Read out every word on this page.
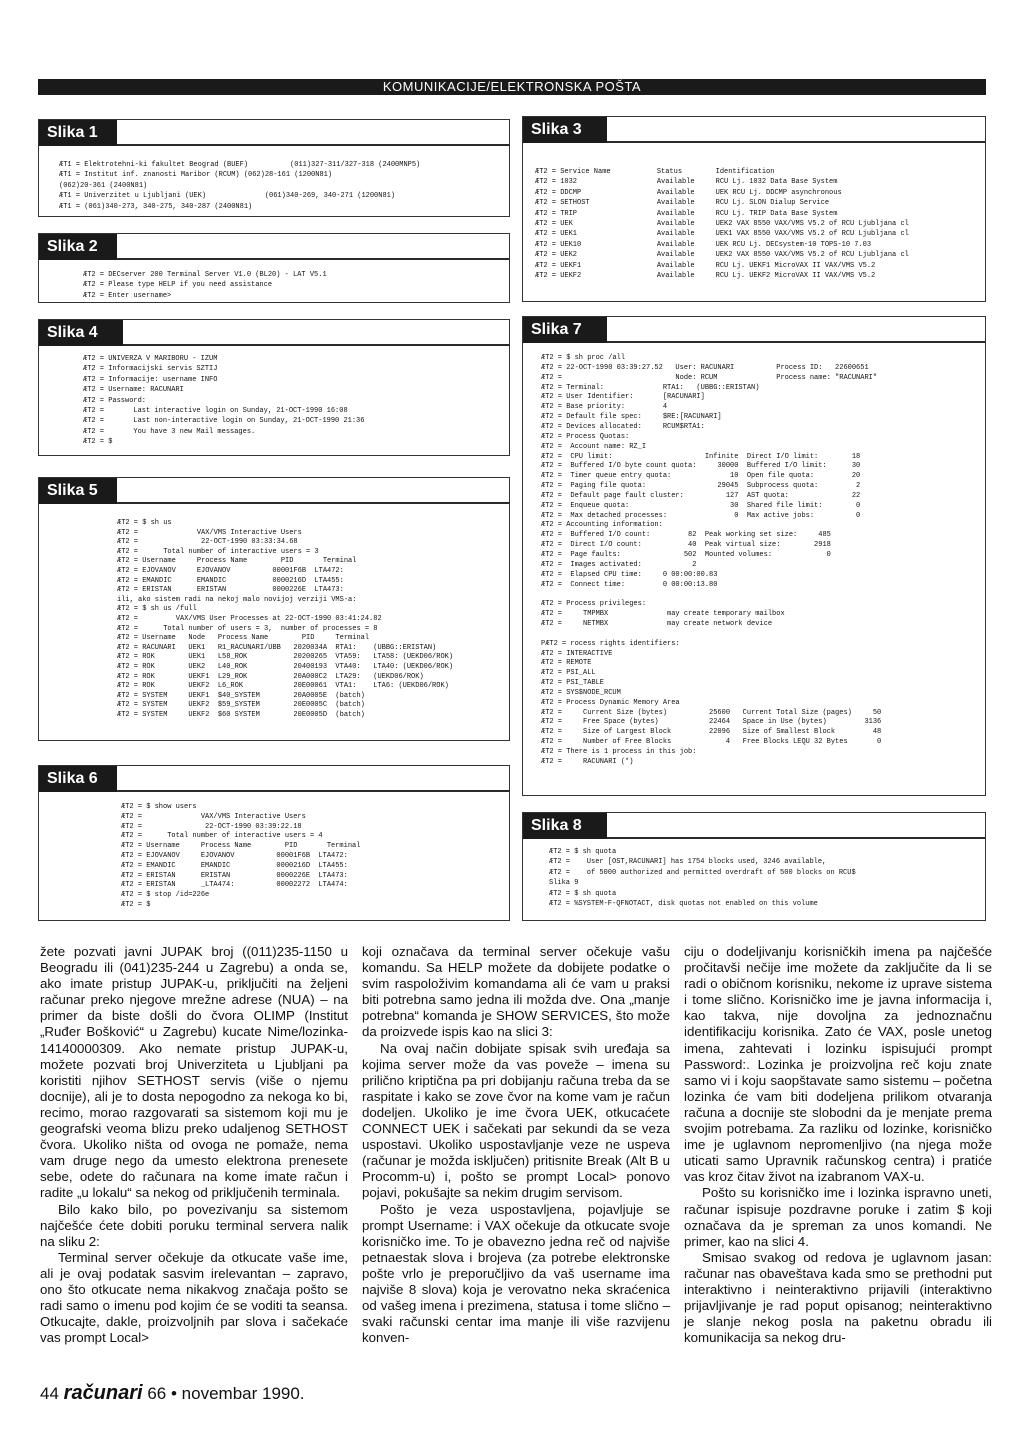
KOMUNIKACIJE/ELEKTRONSKA POŠTA
Slika 1
ÆT1 = Elektrotehni-ki fakultet Beograd (BUEF)          (011)327-311/327-318 (2400MNP5)
ÆT1 = Institut inf. znanosti Maribor (RCUM) (062)28-161 (1200N81)
(062)20-361 (2400N81)
ÆT1 = Univerzitet u Ljubljani (UEK)              (061)340-269, 340-271 (1200N81)
ÆT1 = (061)340-273, 340-275, 340-287 (2400N81)
Slika 2
ÆT2 = DECserver 200 Terminal Server V1.0 (BL20) - LAT V5.1
ÆT2 = Please type HELP if you need assistance
ÆT2 = Enter username>
Slika 3
ÆT2 = Service Name           Status        Identification
ÆT2 = 1032                   Available     RCU Lj. 1032 Data Base System
ÆT2 = DDCMP                  Available     UEK RCU Lj. DDCMP asynchronous
ÆT2 = SETHOST                Available     RCU Lj. SLON Dialup Service
ÆT2 = TRIP                   Available     RCU Lj. TRIP Data Base System
ÆT2 = UEK                    Available     UEK2 VAX 8550 VAX/VMS V5.2 of RCU Ljubljana cl
ÆT2 = UEK1                   Available     UEK1 VAX 8550 VAX/VMS V5.2 of RCU Ljubljana cl
ÆT2 = UEK10                  Available     UEK RCU Lj. DECsystem-10 TOPS-10 7.03
ÆT2 = UEK2                   Available     UEK2 VAX 8550 VAX/VMS V5.2 of RCU Ljubljana cl
ÆT2 = UEKF1                  Available     RCU Lj. UEKF1 MicroVAX II VAX/VMS V5.2
ÆT2 = UEKF2                  Available     RCU Lj. UEKF2 MicroVAX II VAX/VMS V5.2
Slika 4
ÆT2 = UNIVERZA V MARIBORU - IZUM
ÆT2 = Informacijski servis SZTIJ
ÆT2 = Informacije: username INFO
ÆT2 = Username: RACUNARI
ÆT2 = Password:
ÆT2 =       Last interactive login on Sunday, 21-OCT-1990 16:08
ÆT2 =       Last non-interactive login on Sunday, 21-OCT-1990 21:36
ÆT2 =       You have 3 new Mail messages.
ÆT2 = $
Slika 5
ÆT2 = $ sh us
ÆT2 =              VAX/VMS Interactive Users
ÆT2 =               22-OCT-1990 03:33:34.68
ÆT2 =      Total number of interactive users = 3
ÆT2 = Username     Process Name        PID       Terminal
ÆT2 = EJOVANOV     EJOVANOV          00001F6B  LTA472:
ÆT2 = EMANDIC      EMANDIC           0000216D  LTA455:
ÆT2 = ERISTAN      ERISTAN           0000226E  LTA473:
ili, ako sistem radi na nekoj malo novijoj verziji VMS-a:
ÆT2 = $ sh us /full
ÆT2 =         VAX/VMS User Processes at 22-OCT-1990 03:41:24.82
ÆT2 =      Total number of users = 3,  number of processes = 8
ÆT2 = Username   Node   Process Name        PID     Terminal
ÆT2 = RACUNARI   UEK1   R1_RACUNARI/UBB   2020034A  RTA1:    (UBBG::ERISTAN)
ÆT2 = ROK        UEK1   L58_ROK           20200265  VTA59:   LTA58: (UEKD06/ROK)
ÆT2 = ROK        UEK2   L40_ROK           20400193  VTA40:   LTA40: (UEKD06/ROK)
ÆT2 = ROK        UEKF1  L29_ROK           20A000C2  LTA29:   (UEKD06/ROK)
ÆT2 = ROK        UEKF2  L6_ROK            20E00061  VTA1:    LTA6: (UEKD06/ROK)
ÆT2 = SYSTEM     UEKF1  $40_SYSTEM        20A0005E  (batch)
ÆT2 = SYSTEM     UEKF2  $59_SYSTEM        20E0005C  (batch)
ÆT2 = SYSTEM     UEKF2  $60 SYSTEM        20E0005D  (batch)
Slika 6
ÆT2 = $ show users
ÆT2 =              VAX/VMS Interactive Users
ÆT2 =               22-OCT-1990 03:39:22.18
ÆT2 =      Total number of interactive users = 4
ÆT2 = Username     Process Name        PID       Terminal
ÆT2 = EJOVANOV     EJOVANOV          00001F6B  LTA472:
ÆT2 = EMANDIC      EMANDIC           0000216D  LTA455:
ÆT2 = ERISTAN      ERISTAN           0000226E  LTA473:
ÆT2 = ERISTAN      _LTA474:          00002272  LTA474:
ÆT2 = $ stop /id=226e
ÆT2 = $
Slika 7
ÆT2 = $ sh proc /all
ÆT2 = 22-OCT-1990 03:39:27.52   User: RACUNARI          Process ID:   22600651
ÆT2 =                           Node: RCUM              Process name: "RACUNARI"
ÆT2 = Terminal:              RTA1:   (UBBG::ERISTAN)
ÆT2 = User Identifier:       [RACUNARI]
ÆT2 = Base priority:         4
ÆT2 = Default file spec:     $RE:[RACUNARI]
ÆT2 = Devices allocated:     RCUM$RTA1:
ÆT2 = Process Quotas:
ÆT2 =  Account name: RZ_I
ÆT2 =  CPU limit:                      Infinite  Direct I/O limit:        18
ÆT2 =  Buffered I/O byte count quota:     30000  Buffered I/O limit:      30
ÆT2 =  Timer queue entry quota:              10  Open file quota:         20
ÆT2 =  Paging file quota:                 29045  Subprocess quota:         2
ÆT2 =  Default page fault cluster:          127  AST quota:               22
ÆT2 =  Enqueue quota:                        30  Shared file limit:        0
ÆT2 =  Max detached processes:                0  Max active jobs:          0
ÆT2 = Accounting information:
ÆT2 =  Buffered I/O count:         82  Peak working set size:     485
ÆT2 =  Direct I/O count:           40  Peak virtual size:        2918
ÆT2 =  Page faults:               502  Mounted volumes:             0
ÆT2 =  Images activated:            2
ÆT2 =  Elapsed CPU time:     0 00:00:00.83
ÆT2 =  Connect time:         0 00:00:13.80
ÆT2 = Process privileges:
ÆT2 =     TMPMBX              may create temporary mailbox
ÆT2 =     NETMBX              may create network device
PÆT2 = rocess rights identifiers:
ÆT2 = INTERACTIVE
ÆT2 = REMOTE
ÆT2 = PSI_ALL
ÆT2 = PSI_TABLE
ÆT2 = SYS$NODE_RCUM
ÆT2 = Process Dynamic Memory Area
ÆT2 =     Current Size (bytes)          25600   Current Total Size (pages)     50
ÆT2 =     Free Space (bytes)            22464   Space in Use (bytes)         3136
ÆT2 =     Size of Largest Block         22096   Size of Smallest Block         48
ÆT2 =     Number of Free Blocks             4   Free Blocks LEQU 32 Bytes       0
ÆT2 = There is 1 process in this job:
ÆT2 =     RACUNARI (*)
Slika 8
ÆT2 = $ sh quota
ÆT2 =    User [OST,RACUNARI] has 1754 blocks used, 3246 available,
ÆT2 =    of 5000 authorized and permitted overdraft of 500 blocks on RCU$
Slika 9
ÆT2 = $ sh quota
ÆT2 = %SYSTEM-F-QFNOTACT, disk quotas not enabled on this volume

žete pozvati javni JUPAK broj ((011)235-1150 u Beogradu ili (041)235-244 u Zagrebu) a onda se, ako imate pristup JUPAK-u, priključiti na željeni računar preko njegove mrežne adrese (NUA) – na primer da biste došli do čvora OLIMP (Institut „Ruđer Bošković“ u Zagrebu) kucate Nime/lozinka-14140000309. Ako nemate pristup JUPAK-u, možete pozvati broj Univerziteta u Ljubljani pa koristiti njihov SETHOST servis (više o njemu docnije), ali je to dosta nepogodno za nekoga ko bi, recimo, morao razgovarati sa sistemom koji mu je geografski veoma blizu preko udaljenog SETHOST čvora. Ukoliko ništa od ovoga ne pomaže, nema vam druge nego da umesto elektrona prenesete sebe, odete do računara na kome imate račun i radite „u lokalu“ sa nekog od priključenih terminala.

Bilo kako bilo, po povezivanju sa sistemom najčešće ćete dobiti poruku terminal servera nalik na sliku 2:

Terminal server očekuje da otkucate vaše ime, ali je ovaj podatak sasvim irelevantan – zapravo, ono što otkucate nema nikakvog značaja pošto se radi samo o imenu pod kojim će se voditi ta seansa. Otkucajte, dakle, proizvoljnih par slova i sačekaće vas prompt Local>

koji označava da terminal server očekuje vašu komandu. Sa HELP možete da dobijete podatke o svim raspoloživim komandama ali će vam u praksi biti potrebna samo jedna ili možda dve. Ona „manje potrebna“ komanda je SHOW SERVICES, što može da proizvede ispis kao na slici 3:

Na ovaj način dobijate spisak svih uređaja sa kojima server može da vas poveže – imena su prilično kriptična pa pri dobijanju računa treba da se raspitate i kako se zove čvor na kome vam je račun dodeljen. Ukoliko je ime čvora UEK, otkucaćete CONNECT UEK i sačekati par sekundi da se veza uspostavi. Ukoliko uspostavljanje veze ne uspeva (računar je možda isključen) pritisnite Break (Alt B u Procomm-u) i, pošto se prompt Local> ponovo pojavi, pokušajte sa nekim drugim servisom.

Pošto je veza uspostavljena, pojavljuje se prompt Username: i VAX očekuje da otkucate svoje korisničko ime. To je obavezno jedna reč od najviše petnaestak slova i brojeva (za potrebe elektronske pošte vrlo je preporučljivo da vaš username ima najviše 8 slova) koja je verovatno neka skraćenica od vašeg imena i prezimena, statusa i tome slično – svaki računski centar ima manje ili više razvijenu konven-

ciju o dodeljivanju korisničkih imena pa najčešće pročitavši nečije ime možete da zaključite da li se radi o običnom korisniku, nekome iz uprave sistema i tome slično. Korisničko ime je javna informacija i, kao takva, nije dovoljna za jednoznačnu identifikaciju korisnika. Zato će VAX, posle unetog imena, zahtevati i lozinku ispisujući prompt Password:. Lozinka je proizvoljna reč koju znate samo vi i koju saopštavate samo sistemu – početna lozinka će vam biti dodeljena prilikom otvaranja računa a docnije ste slobodni da je menjate prema svojim potrebama. Za razliku od lozinke, korisničko ime je uglavnom nepromenljivo (na njega može uticati samo Upravnik računskog centra) i pratiće vas kroz čitav život na izabranom VAX-u.

Pošto su korisničko ime i lozinka ispravno uneti, računar ispisuje pozdravne poruke i zatim $ koji označava da je spreman za unos komandi. Ne primer, kao na slici 4.

Smisao svakog od redova je uglavnom jasan: računar nas obaveštava kada smo se prethodni put interaktivno i neinteraktivno prijavili (interaktivno prijavljivanje je rad poput opisanog; neinteraktivno je slanje nekog posla na paketnu obradu ili komunikacija sa nekog dru-

44 računari 66 • novembar 1990.
